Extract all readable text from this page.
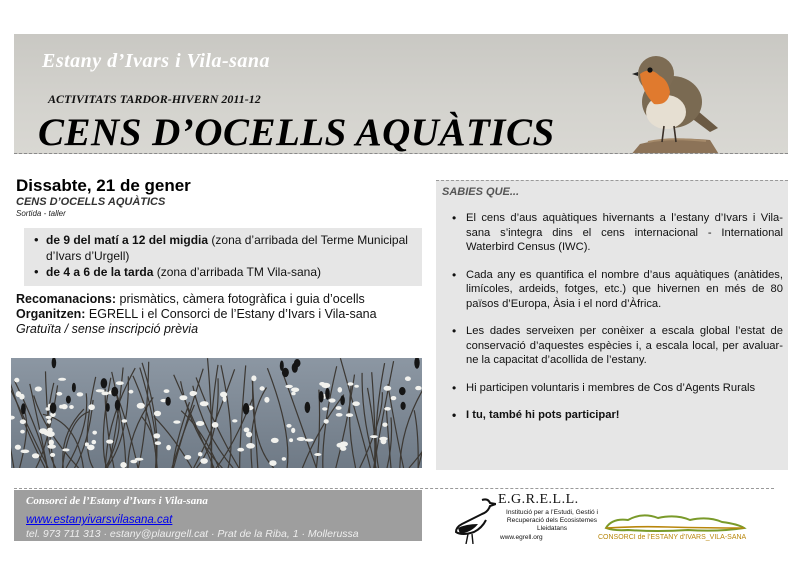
Estany d’Ivars i Vila-sana
ACTIVITATS TARDOR-HIVERN 2011-12
CENS D’OCELLS AQUÀTICS
Dissabte, 21 de gener
CENS D’OCELLS AQUÀTICS
Sortida - taller
• de 9 del matí a 12 del migdia (zona d’arribada del Terme Municipal d’Ivars d’Urgell)
• de 4 a 6 de la tarda (zona d’arribada TM Vila-sana)
Recomanacions: prismàtics, càmera fotogràfica i guia d’ocells
Organitzen: EGRELL i el Consorci de l’Estany d’Ivars i Vila-sana
Gratuïta / sense inscripció prèvia
SABIES QUE...
• El cens d’aus aquàtiques hivernants a l’estany d’Ivars i Vila-sana s’integra dins el cens internacional - International Waterbird Census (IWC).
• Cada any es quantifica el nombre d’aus aquàtiques (anàtides, limícoles, ardeids, fotges, etc.) que hivernen en més de 80 països d’Europa, Àsia i el nord d’Àfrica.
• Les dades serveixen per conèixer a escala global l’estat de conservació d’aquestes espècies i, a escala local, per avaluar-ne la capacitat d’acollida de l’estany.
• Hi participen voluntaris i membres de Cos d’Agents Rurals
• I tu, també hi pots participar!
Consorci de l’Estany d’Ivars i Vila-sana
www.estanyivarsvilasana.cat
tel. 973 711 313 · estany@plaurgell.cat · Prat de la Riba, 1 · Mollerussa
E.G.R.E.L.L.
Institució per a l’Estudi, Gestió i Recuperació dels Ecosistemes Lleidatans
www.egrell.org	CONSORCI de l’ESTANY d’IVARS_VILA-SANA
